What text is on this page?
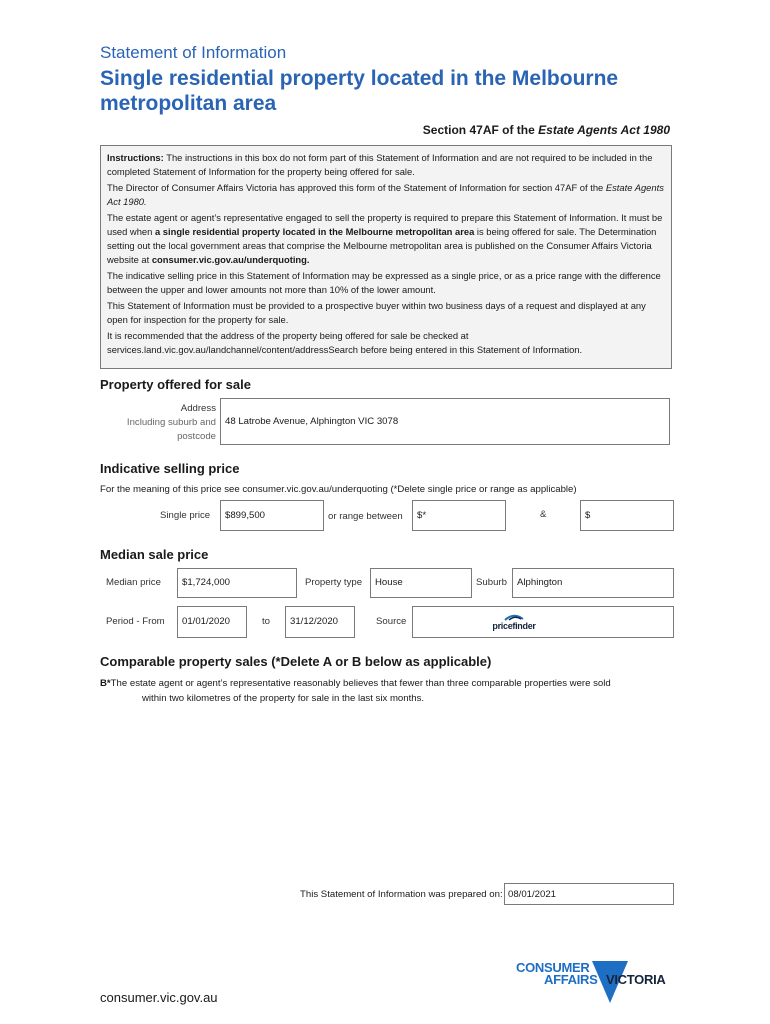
Statement of Information
Single residential property located in the Melbourne metropolitan area
Section 47AF of the Estate Agents Act 1980

Instructions: The instructions in this box do not form part of this Statement of Information and are not required to be included in the completed Statement of Information for the property being offered for sale.

The Director of Consumer Affairs Victoria has approved this form of the Statement of Information for section 47AF of the Estate Agents Act 1980.

The estate agent or agent’s representative engaged to sell the property is required to prepare this Statement of Information. It must be used when a single residential property located in the Melbourne metropolitan area is being offered for sale. The Determination setting out the local government areas that comprise the Melbourne metropolitan area is published on the Consumer Affairs Victoria website at consumer.vic.gov.au/underquoting.

The indicative selling price in this Statement of Information may be expressed as a single price, or as a price range with the difference between the upper and lower amounts not more than 10% of the lower amount.

This Statement of Information must be provided to a prospective buyer within two business days of a request and displayed at any open for inspection for the property for sale.

It is recommended that the address of the property being offered for sale be checked at services.land.vic.gov.au/landchannel/content/addressSearch before being entered in this Statement of Information.

Property offered for sale
Address
Including suburb and
postcode
48 Latrobe Avenue, Alphington VIC 3078
Indicative selling price
For the meaning of this price see consumer.vic.gov.au/underquoting (*Delete single price or range as applicable)
Single price	$899,500	or range between	$*	&	$
Median sale price
Median price	$1,724,000	Property type	House	Suburb	Alphington
Period - From	01/01/2020	to	31/12/2020	Source	pricefinder
Comparable property sales (*Delete A or B below as applicable)
B*The estate agent or agent’s representative reasonably believes that fewer than three comparable properties were sold
within two kilometres of the property for sale in the last six months.
This Statement of Information was prepared on: 08/01/2021
CONSUMER
AFFAIRS VICTORIA
consumer.vic.gov.au
